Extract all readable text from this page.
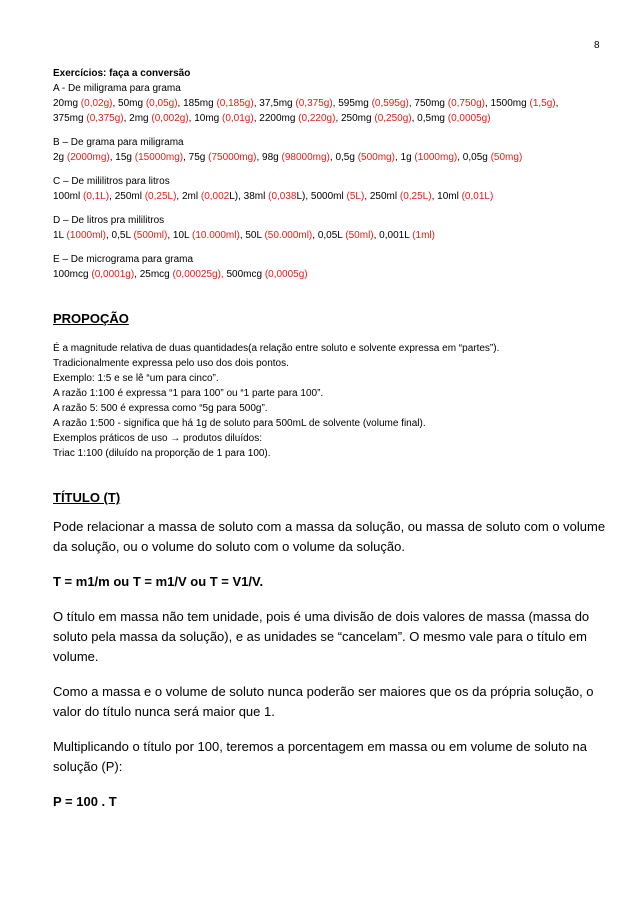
8

Exercícios: faça a conversão

A - De miligrama para grama

20mg (0,02g), 50mg (0,05g), 185mg (0,185g), 37,5mg (0,375g), 595mg (0,595g), 750mg (0,750g), 1500mg (1,5g),

375mg (0,375g), 2mg (0,002g), 10mg (0,01g), 2200mg (0,220g), 250mg (0,250g), 0,5mg (0,0005g)

B – De grama para miligrama

2g (2000mg), 15g (15000mg), 75g (75000mg), 98g (98000mg), 0,5g (500mg), 1g (1000mg), 0,05g (50mg)

C – De mililitros para litros

100ml (0,1L), 250ml (0,25L), 2ml (0,002L), 38ml (0,038L), 5000ml (5L), 250ml (0,25L), 10ml (0,01L)

D – De litros pra mililitros

1L (1000ml), 0,5L (500ml), 10L (10.000ml), 50L (50.000ml), 0,05L (50ml), 0,001L (1ml)

E – De micrograma para grama

100mcg (0,0001g), 25mcg (0,00025g), 500mcg (0,0005g)

PROPOÇÃO

É a magnitude relativa de duas quantidades(a relação entre soluto e solvente expressa em “partes”).

Tradicionalmente expressa pelo uso dos dois pontos.

Exemplo: 1:5 e se lê “um para cinco”.

A razão 1:100 é expressa “1 para 100” ou “1 parte para 100”.

A razão 5: 500 é expressa como “5g para 500g”.

A razão 1:500 - significa que há 1g de soluto para 500mL de solvente (volume final).

Exemplos práticos de uso → produtos diluídos:

Triac 1:100 (diluído na proporção de 1 para 100).

TÍTULO (T)

Pode relacionar a massa de soluto com a massa da solução, ou massa de soluto com o volume

da solução, ou o volume do soluto com o volume da solução.

T = m1/m ou T = m1/V ou T = V1/V.

O título em massa não tem unidade, pois é uma divisão de dois valores de massa (massa do

soluto pela massa da solução), e as unidades se “cancelam”. O mesmo vale para o título em

volume.

Como a massa e o volume de soluto nunca poderão ser maiores que os da própria solução, o

valor do título nunca será maior que 1.

Multiplicando o título por 100, teremos a porcentagem em massa ou em volume de soluto na

solução (P):

P = 100 . T
